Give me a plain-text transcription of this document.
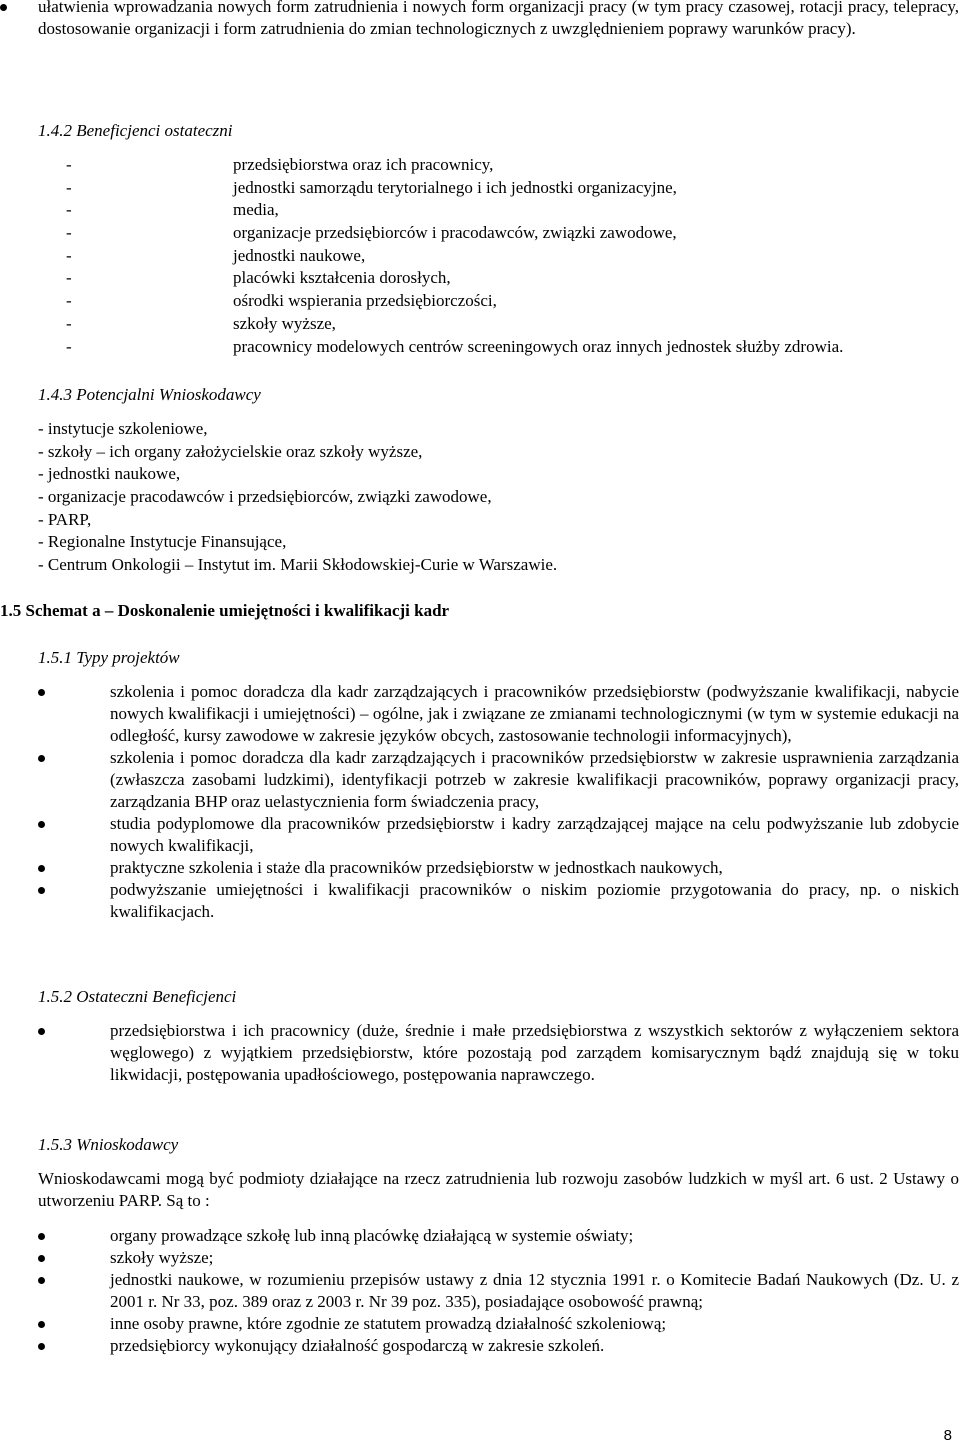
ułatwienia wprowadzania nowych form zatrudnienia i nowych form organizacji pracy (w tym pracy czasowej, rotacji pracy, telepracy, dostosowanie organizacji i form zatrudnienia do zmian technologicznych z uwzględnieniem poprawy warunków pracy).
1.4.2 Beneficjenci ostateczni
-	przedsiębiorstwa oraz ich pracownicy,
-	jednostki samorządu terytorialnego i ich jednostki organizacyjne,
-	media,
-	organizacje przedsiębiorców i pracodawców, związki zawodowe,
-	jednostki naukowe,
-	placówki kształcenia dorosłych,
-	ośrodki wspierania przedsiębiorczości,
-	szkoły wyższe,
-	pracownicy modelowych centrów screeningowych oraz innych jednostek służby zdrowia.
1.4.3 Potencjalni Wnioskodawcy
- instytucje szkoleniowe,
- szkoły – ich organy założycielskie oraz szkoły wyższe,
- jednostki naukowe,
- organizacje pracodawców i przedsiębiorców, związki zawodowe,
- PARP,
- Regionalne Instytucje Finansujące,
- Centrum Onkologii – Instytut im. Marii Skłodowskiej-Curie w Warszawie.
1.5 Schemat a – Doskonalenie umiejętności i kwalifikacji kadr
1.5.1 Typy projektów
szkolenia i pomoc doradcza dla kadr zarządzających i pracowników przedsiębiorstw (podwyższanie kwalifikacji, nabycie nowych kwalifikacji i umiejętności) – ogólne, jak i związane ze zmianami technologicznymi (w tym w systemie edukacji na odległość, kursy zawodowe w zakresie języków obcych, zastosowanie technologii informacyjnych),
szkolenia i pomoc doradcza dla kadr zarządzających i pracowników przedsiębiorstw w zakresie usprawnienia zarządzania (zwłaszcza zasobami ludzkimi), identyfikacji potrzeb w zakresie kwalifikacji pracowników, poprawy organizacji pracy, zarządzania BHP oraz uelastycznienia form świadczenia pracy,
studia podyplomowe dla pracowników przedsiębiorstw i kadry zarządzającej mające na celu podwyższanie lub zdobycie nowych kwalifikacji,
praktyczne szkolenia i staże dla pracowników przedsiębiorstw w jednostkach naukowych,
podwyższanie umiejętności i kwalifikacji pracowników o niskim poziomie przygotowania do pracy, np. o niskich kwalifikacjach.
1.5.2 Ostateczni Beneficjenci
przedsiębiorstwa i ich pracownicy (duże, średnie i małe przedsiębiorstwa z wszystkich sektorów z wyłączeniem sektora węglowego) z wyjątkiem przedsiębiorstw, które pozostają pod zarządem komisarycznym bądź znajdują się w toku likwidacji, postępowania upadłościowego, postępowania naprawczego.
1.5.3 Wnioskodawcy
Wnioskodawcami mogą być podmioty działające na rzecz zatrudnienia lub rozwoju zasobów ludzkich w myśl art. 6 ust. 2 Ustawy o utworzeniu PARP. Są to :
organy prowadzące szkołę lub inną placówkę działającą w systemie oświaty;
szkoły wyższe;
jednostki naukowe, w rozumieniu przepisów ustawy z dnia 12 stycznia 1991 r. o Komitecie Badań Naukowych (Dz. U. z 2001 r. Nr 33, poz. 389 oraz z 2003 r. Nr 39 poz. 335), posiadające osobowość prawną;
inne osoby prawne, które zgodnie ze statutem prowadzą działalność szkoleniową;
przedsiębiorcy wykonujący działalność gospodarczą w zakresie szkoleń.
8
